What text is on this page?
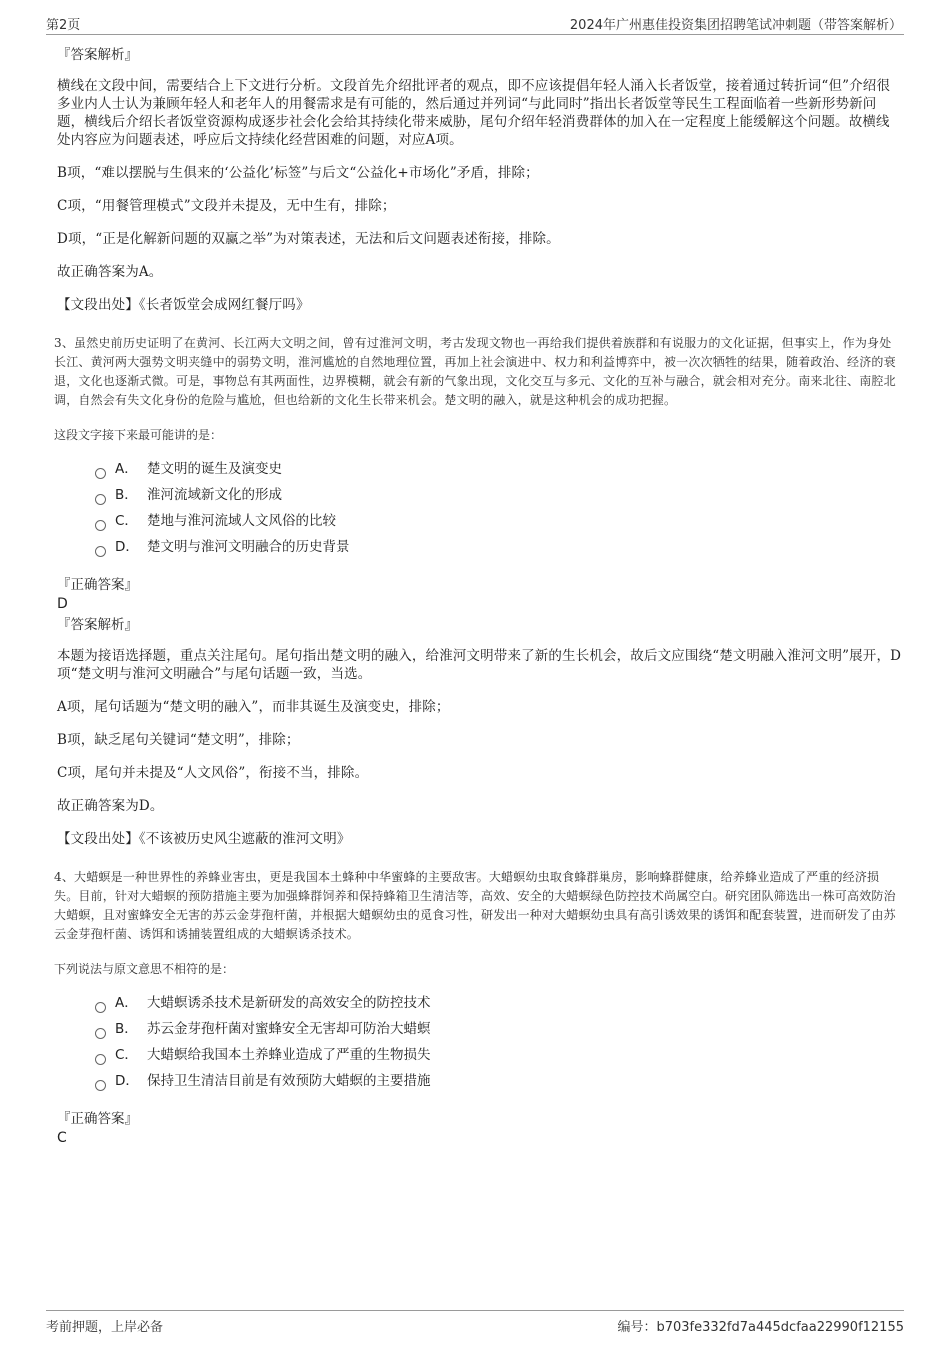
第2页	2024年广州惠佳投资集团招聘笔试冲刺题（带答案解析）
『答案解析』

横线在文段中间，需要结合上下文进行分析。文段首先介绍批评者的观点，即不应该提倡年轻人涌入长者饭堂，接着通过转折词“但”介绍很多业内人士认为兼顾年轻人和老年人的用餐需求是有可能的，然后通过并列词“与此同时”指出长者饭堂等民生工程面临着一些新形势新问题，横线后介绍长者饭堂资源构成逐步社会化会给其持续化带来威胁，尾句介绍年轻消费群体的加入在一定程度上能缓解这个问题。故横线处内容应为问题表述，呼应后文持续化经营困难的问题，对应A项。

B项，“难以摆脱与生俱来的‘公益化’标签”与后文“公益化+市场化”矛盾，排除；

C项，“用餐管理模式”文段并未提及，无中生有，排除；

D项，“正是化解新问题的双赢之举”为对策表述，无法和后文问题表述衔接，排除。

故正确答案为A。

【文段出处】《长者饭堂会成网红餐厅吗》

3、虽然史前历史证明了在黄河、长江两大文明之间，曾有过淮河文明，考古发现文物也一再给我们提供着族群和有说服力的文化证据，但事实上，作为身处长江、黄河两大强势文明夹缝中的弱势文明，淮河尴尬的自然地理位置，再加上社会演进中、权力和利益博弈中，被一次次牺牲的结果，随着政治、经济的衰退，文化也逐渐式微。可是，事物总有其两面性，边界模糊，就会有新的气象出现，文化交互与多元、文化的互补与融合，就会相对充分。南来北往、南腔北调，自然会有失文化身份的危险与尴尬，但也给新的文化生长带来机会。楚文明的融入，就是这种机会的成功把握。

这段文字接下来最可能讲的是：

A． 楚文明的诞生及演变史
B． 淮河流域新文化的形成
C． 楚地与淮河流域人文风俗的比较
D． 楚文明与淮河文明融合的历史背景
『正确答案』
D
『答案解析』

本题为接语选择题，重点关注尾句。尾句指出楚文明的融入，给淮河文明带来了新的生长机会，故后文应围绕“楚文明融入淮河文明”展开，D项“楚文明与淮河文明融合”与尾句话题一致，当选。

A项，尾句话题为“楚文明的融入”，而非其诞生及演变史，排除；

B项，缺乏尾句关键词“楚文明”，排除；

C项，尾句并未提及“人文风俗”，衔接不当，排除。

故正确答案为D。

【文段出处】《不该被历史风尘遮蔽的淮河文明》

4、大蜡螟是一种世界性的养蜂业害虫，更是我国本土蜂种中华蜜蜂的主要敌害。大蜡螟幼虫取食蜂群巢房，影响蜂群健康，给养蜂业造成了严重的经济损失。目前，针对大蜡螟的预防措施主要为加强蜂群饲养和保持蜂箱卫生清洁等，高效、安全的大蜡螟绿色防控技术尚属空白。研究团队筛选出一株可高效防治大蜡螟，且对蜜蜂安全无害的苏云金芽孢杆菌，并根据大蜡螟幼虫的觅食习性，研发出一种对大蜡螟幼虫具有高引诱效果的诱饵和配套装置，进而研发了由苏云金芽孢杆菌、诱饵和诱捕装置组成的大蜡螟诱杀技术。

下列说法与原文意思不相符的是：

A． 大蜡螟诱杀技术是新研发的高效安全的防控技术
B． 苏云金芽孢杆菌对蜜蜂安全无害却可防治大蜡螟
C． 大蜡螟给我国本土养蜂业造成了严重的生物损失
D． 保持卫生清洁目前是有效预防大蜡螟的主要措施
『正确答案』
C
考前押题，上岸必备	编号：b703fe332fd7a445dcfaa22990f12155
